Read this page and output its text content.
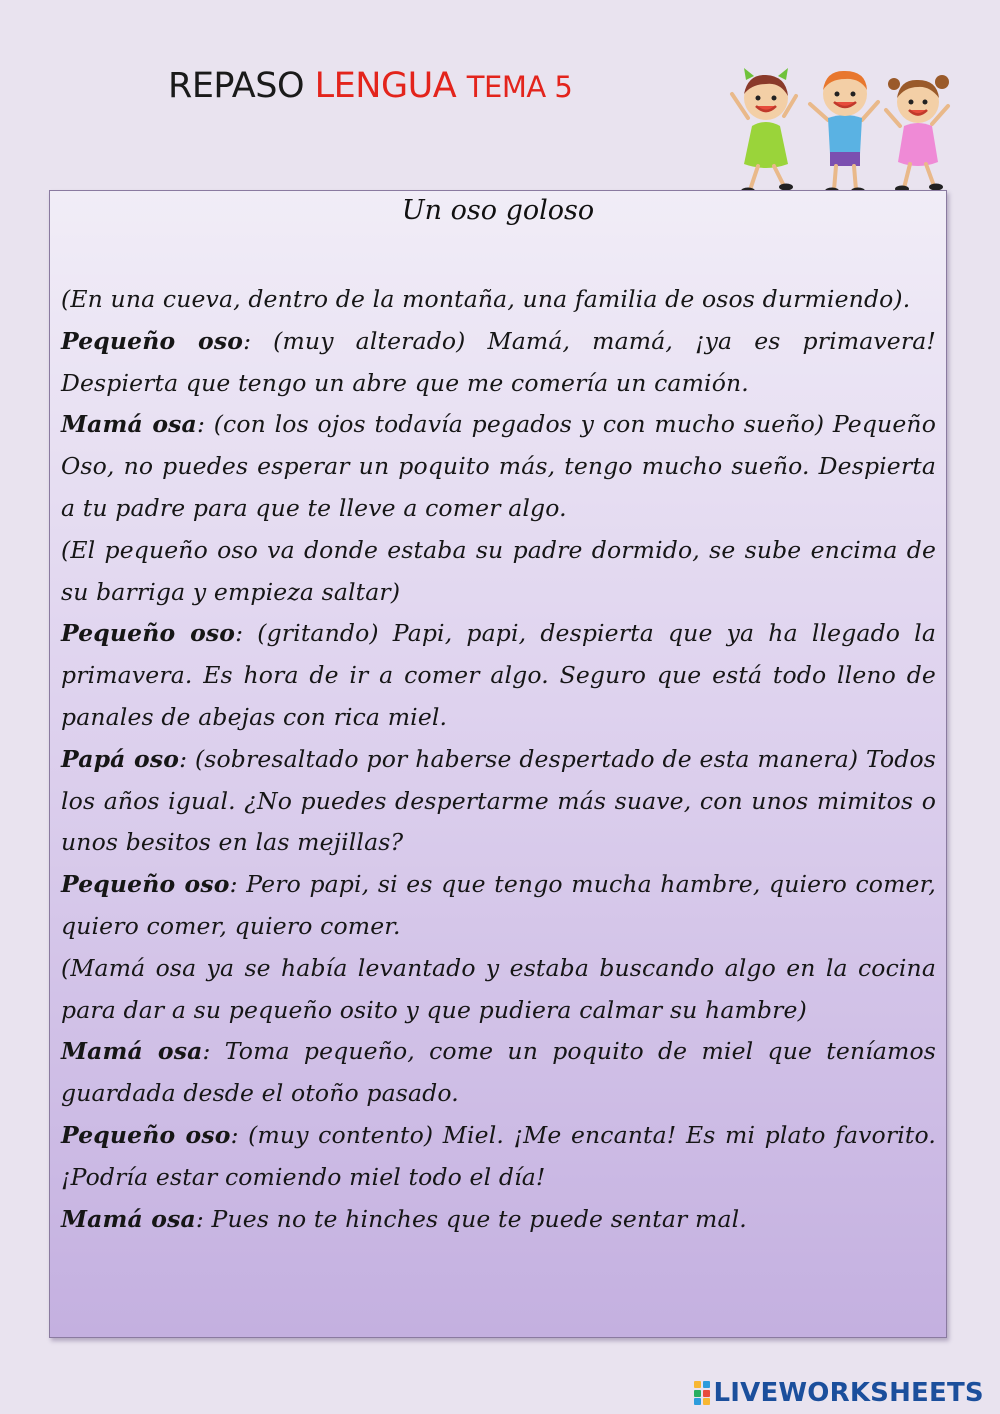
REPASO LENGUA TEMA 5
Un oso goloso

(En una cueva, dentro de la montaña, una familia de osos durmiendo).

Pequeño oso: (muy alterado) Mamá, mamá, ¡ya es primavera! Despierta que tengo un abre que me comería un camión.

Mamá osa: (con los ojos todavía pegados y con mucho sueño) Pequeño Oso, no puedes esperar un poquito más, tengo mucho sueño. Despierta a tu padre para que te lleve a comer algo.

(El pequeño oso va donde estaba su padre dormido, se sube encima de su barriga y empieza saltar)

Pequeño oso: (gritando) Papi, papi, despierta que ya ha llegado la primavera. Es hora de ir a comer algo. Seguro que está todo lleno de panales de abejas con rica miel.

Papá oso: (sobresaltado por haberse despertado de esta manera) Todos los años igual. ¿No puedes despertarme más suave, con unos mimitos o unos besitos en las mejillas?

Pequeño oso: Pero papi, si es que tengo mucha hambre, quiero comer, quiero comer, quiero comer.

(Mamá osa ya se había levantado y estaba buscando algo en la cocina para dar a su pequeño osito y que pudiera calmar su hambre)

Mamá osa: Toma pequeño, come un poquito de miel que teníamos guardada desde el otoño pasado.

Pequeño oso: (muy contento) Miel. ¡Me encanta! Es mi plato favorito. ¡Podría estar comiendo miel todo el día!

Mamá osa: Pues no te hinches que te puede sentar mal.

LIVEWORKSHEETS
